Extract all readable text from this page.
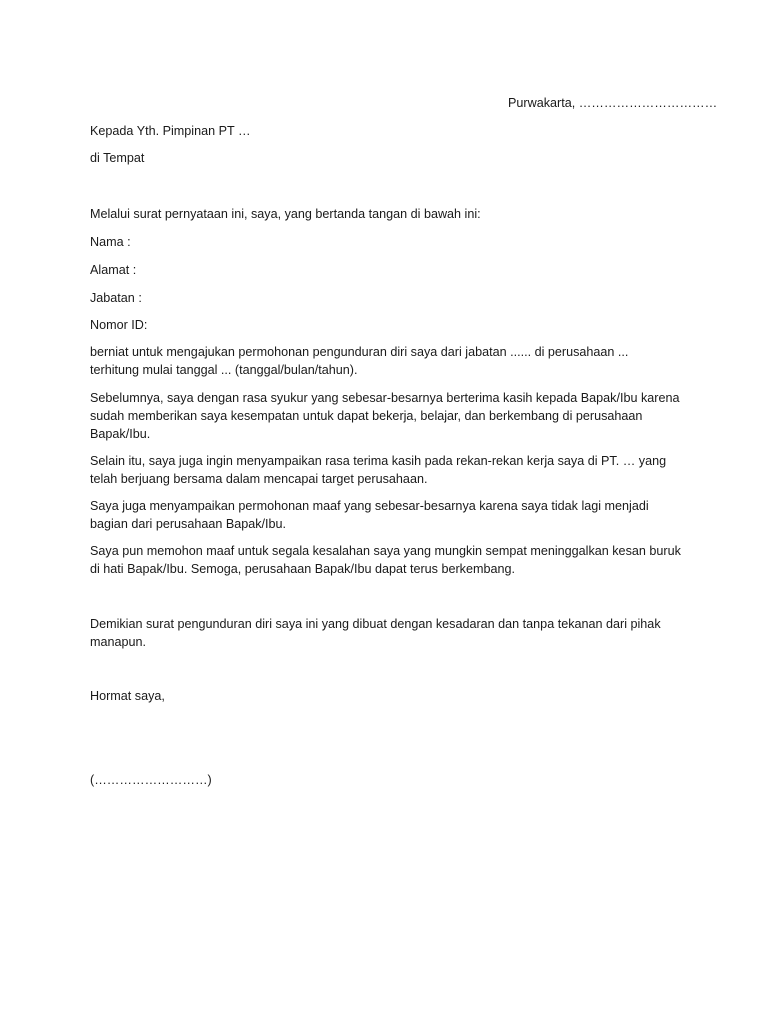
Purwakarta, ……………………………
Kepada Yth. Pimpinan PT …
di Tempat
Melalui surat pernyataan ini, saya, yang bertanda tangan di bawah ini:
Nama :
Alamat :
Jabatan :
Nomor ID:
berniat untuk mengajukan permohonan pengunduran diri saya dari jabatan ...... di perusahaan ...
terhitung mulai tanggal ... (tanggal/bulan/tahun).
Sebelumnya, saya dengan rasa syukur yang sebesar-besarnya berterima kasih kepada Bapak/Ibu karena
sudah memberikan saya kesempatan untuk dapat bekerja, belajar, dan berkembang di perusahaan
Bapak/Ibu.
Selain itu, saya juga ingin menyampaikan rasa terima kasih pada rekan-rekan kerja saya di PT. … yang
telah berjuang bersama dalam mencapai target perusahaan.
Saya juga menyampaikan permohonan maaf yang sebesar-besarnya karena saya tidak lagi menjadi
bagian dari perusahaan Bapak/Ibu.
Saya pun memohon maaf untuk segala kesalahan saya yang mungkin sempat meninggalkan kesan buruk
di hati Bapak/Ibu. Semoga, perusahaan Bapak/Ibu dapat terus berkembang.
Demikian surat pengunduran diri saya ini yang dibuat dengan kesadaran dan tanpa tekanan dari pihak
manapun.
Hormat saya,
(………………………)
